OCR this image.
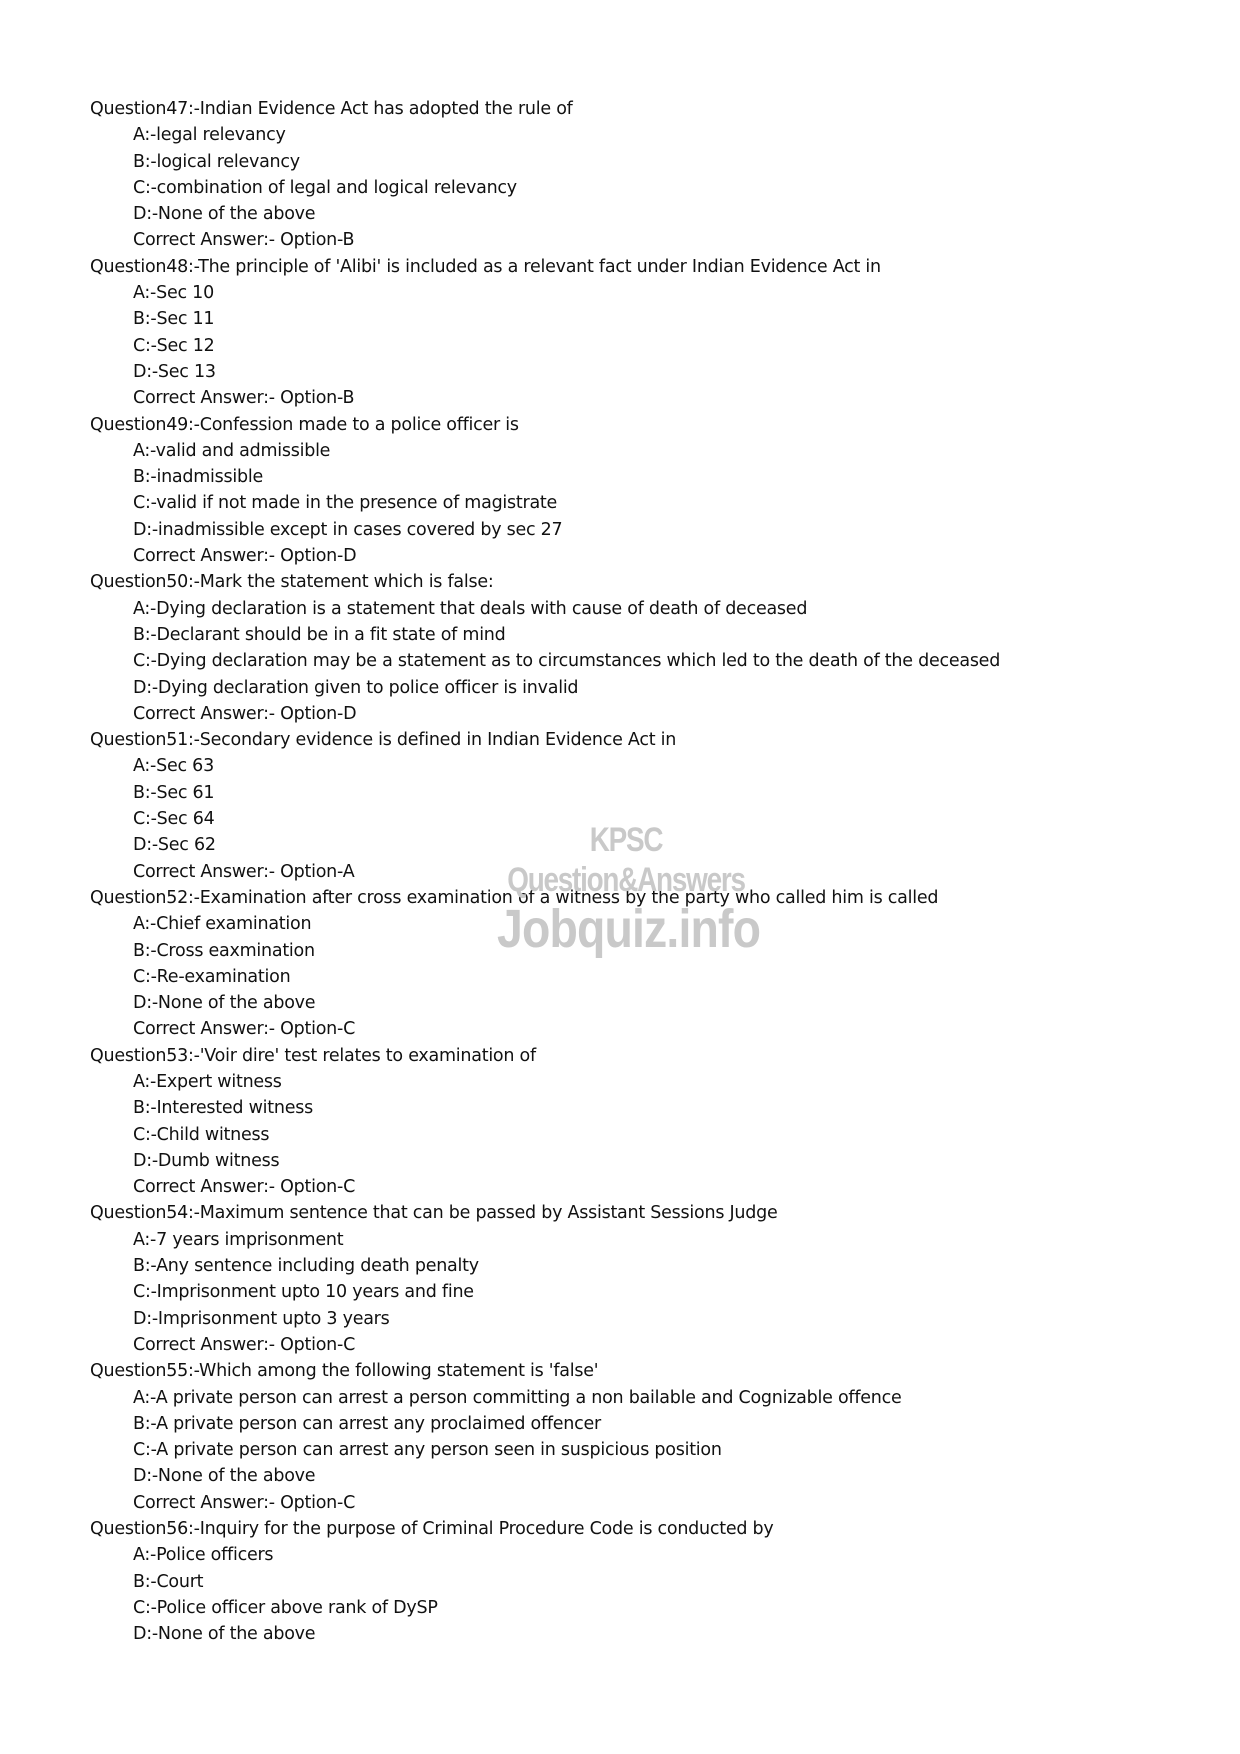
Question47:-Indian Evidence Act has adopted the rule of
A:-legal relevancy
B:-logical relevancy
C:-combination of legal and logical relevancy
D:-None of the above
Correct Answer:- Option-B
Question48:-The principle of 'Alibi' is included as a relevant fact under Indian Evidence Act in
A:-Sec 10
B:-Sec 11
C:-Sec 12
D:-Sec 13
Correct Answer:- Option-B
Question49:-Confession made to a police officer is
A:-valid and admissible
B:-inadmissible
C:-valid if not made in the presence of magistrate
D:-inadmissible except in cases covered by sec 27
Correct Answer:- Option-D
Question50:-Mark the statement which is false:
A:-Dying declaration is a statement that deals with cause of death of deceased
B:-Declarant should be in a fit state of mind
C:-Dying declaration may be a statement as to circumstances which led to the death of the deceased
D:-Dying declaration given to police officer is invalid
Correct Answer:- Option-D
Question51:-Secondary evidence is defined in Indian Evidence Act in
A:-Sec 63
B:-Sec 61
C:-Sec 64
D:-Sec 62
Correct Answer:- Option-A
Question52:-Examination after cross examination of a witness by the party who called him is called
A:-Chief examination
B:-Cross eaxmination
C:-Re-examination
D:-None of the above
Correct Answer:- Option-C
Question53:-'Voir dire' test relates to examination of
A:-Expert witness
B:-Interested witness
C:-Child witness
D:-Dumb witness
Correct Answer:- Option-C
Question54:-Maximum sentence that can be passed by Assistant Sessions Judge
A:-7 years imprisonment
B:-Any sentence including death penalty
C:-Imprisonment upto 10 years and fine
D:-Imprisonment upto 3 years
Correct Answer:- Option-C
Question55:-Which among the following statement is 'false'
A:-A private person can arrest a person committing a non bailable and Cognizable offence
B:-A private person can arrest any proclaimed offencer
C:-A private person can arrest any person seen in suspicious position
D:-None of the above
Correct Answer:- Option-C
Question56:-Inquiry for the purpose of Criminal Procedure Code is conducted by
A:-Police officers
B:-Court
C:-Police officer above rank of DySP
D:-None of the above
KPSC Question&Answers
Jobquiz.info
